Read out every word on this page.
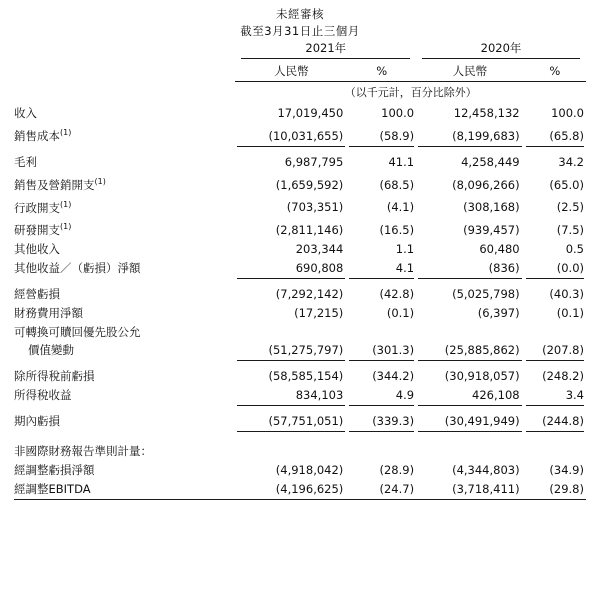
未經審核
截至3月31日止三個月

	2021年		2020年	

	人民幣	%	人民幣	%
	（以千元計，百分比除外）			
收入	17,019,450	100.0	12,458,132	100.0
銷售成本$^{(1)}$	(10,031,655)	(58.9)	(8,199,683)	(65.8)

毛利	6,987,795	41.1	4,258,449	34.2
銷售及營銷開支$^{(1)}$	(1,659,592)	(68.5)	(8,096,266)	(65.0)
行政開支$^{(1)}$	(703,351)	(4.1)	(308,168)	(2.5)
研發開支$^{(1)}$	(2,811,146)	(16.5)	(939,457)	(7.5)
其他收入	203,344	1.1	60,480	0.5
其他收益／（虧損）淨額	690,808	4.1	(836)	(0.0)

經營虧損	(7,292,142)	(42.8)	(5,025,798)	(40.3)
財務費用淨額	(17,215)	(0.1)	(6,397)	(0.1)
可轉換可贖回優先股公允				
價值變動	(51,275,797)	(301.3)	(25,885,862)	(207.8)

除所得稅前虧損	(58,585,154)	(344.2)	(30,918,057)	(248.2)
所得稅收益	834,103	4.9	426,108	3.4

期內虧損	(57,751,051)	(339.3)	(30,491,949)	(244.8)

非國際財務報告準則計量：				
經調整虧損淨額	(4,918,042)	(28.9)	(4,344,803)	(34.9)
經調整EBITDA	(4,196,625)	(24.7)	(3,718,411)	(29.8)
